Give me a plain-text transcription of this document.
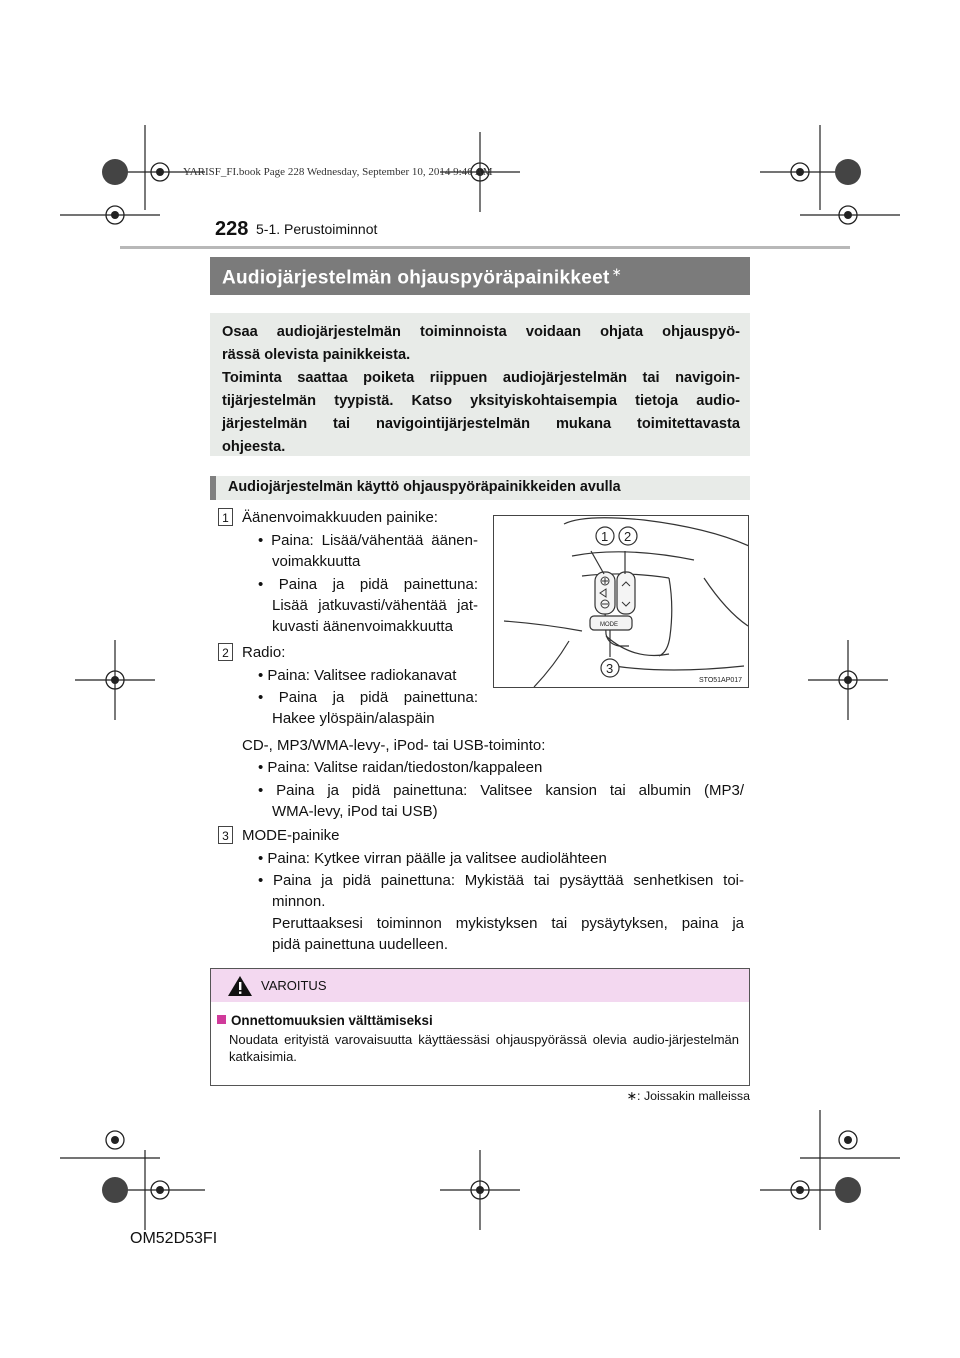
YARISF_FI.book Page 228 Wednesday, September 10, 2014 9:46 AM
228 5-1. Perustoiminnot
Audiojärjestelmän ohjauspyöräpainikkeet ∗

Osaa audiojärjestelmän toiminnoista voidaan ohjata ohjauspyö-

rässä olevista painikkeista.

Toiminta saattaa poiketa riippuen audiojärjestelmän tai navigoin-

tijärjestelmän tyypistä. Katso yksityiskohtaisempia tietoja audio-

järjestelmän tai navigointijärjestelmän mukana toimitettavasta

ohjeesta.

Audiojärjestelmän käyttö ohjauspyöräpainikkeiden avulla
1 Äänenvoimakkuuden painike:
• Paina: Lisää/vähentää äänen-
voimakkuutta
• Paina ja pidä painettuna:
Lisää jatkuvasti/vähentää jat-
kuvasti äänenvoimakkuutta
2 Radio:
• Paina: Valitsee radiokanavat
• Paina ja pidä painettuna:
Hakee ylöspäin/alaspäin
CD-, MP3/WMA-levy-, iPod- tai USB-toiminto:
• Paina: Valitse raidan/tiedoston/kappaleen
• Paina ja pidä painettuna: Valitsee kansion tai albumin (MP3/
WMA-levy, iPod tai USB)
3 MODE-painike
• Paina: Kytkee virran päälle ja valitsee audiolähteen
• Paina ja pidä painettuna: Mykistää tai pysäyttää senhetkisen toi-
minnon.
Peruttaaksesi toiminnon mykistyksen tai pysäytyksen, paina ja
pidä painettuna uudelleen.
1 2
3
MODE
STO51AP017
VAROITUS
Onnettomuuksien välttämiseksi
Noudata erityistä varovaisuutta käyttäessäsi ohjauspyörässä olevia audio-järjestelmän katkaisimia.
∗: Joissakin malleissa
OM52D53FI
